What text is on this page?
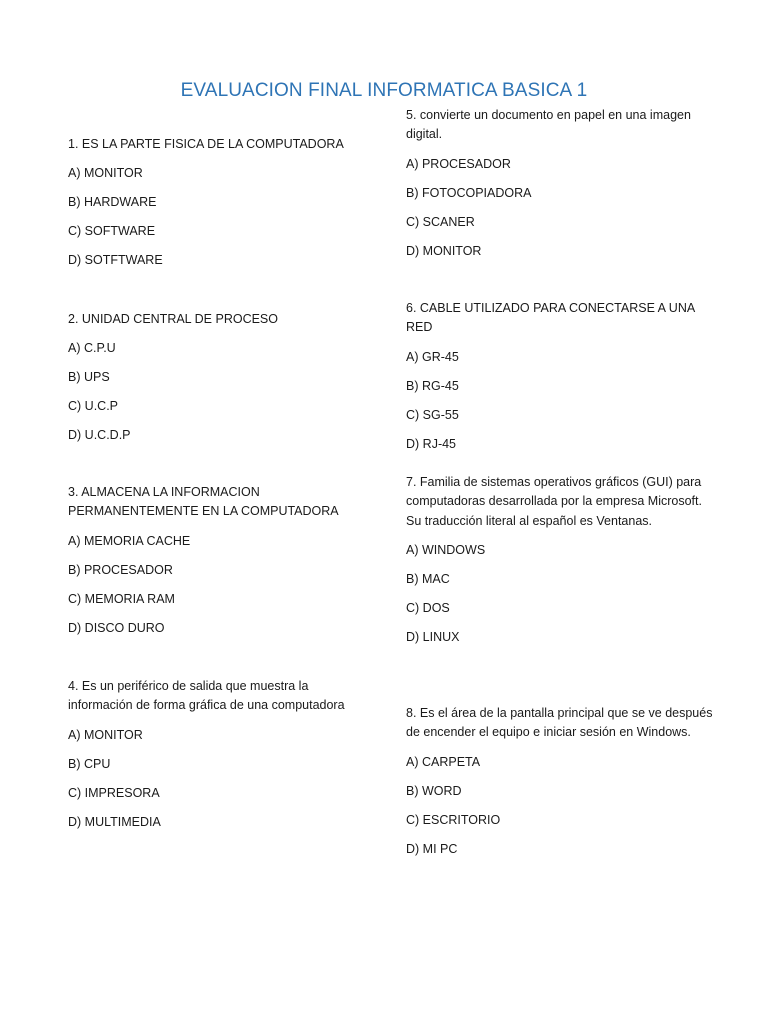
EVALUACION FINAL INFORMATICA BASICA 1
1. ES LA PARTE FISICA DE LA COMPUTADORA
A) MONITOR
B) HARDWARE
C) SOFTWARE
D) SOTFTWARE
2. UNIDAD CENTRAL DE PROCESO
A) C.P.U
B) UPS
C) U.C.P
D) U.C.D.P
3. ALMACENA LA INFORMACION PERMANENTEMENTE EN LA COMPUTADORA
A) MEMORIA CACHE
B) PROCESADOR
C) MEMORIA RAM
D) DISCO DURO
4. Es un periférico de salida que muestra la información de forma gráfica de una computadora
A) MONITOR
B) CPU
C) IMPRESORA
D) MULTIMEDIA
5. convierte un documento en papel en una imagen digital.
A) PROCESADOR
B) FOTOCOPIADORA
C) SCANER
D) MONITOR
6. CABLE UTILIZADO PARA CONECTARSE A UNA RED
A) GR-45
B) RG-45
C) SG-55
D) RJ-45
7. Familia de sistemas operativos gráficos (GUI) para computadoras desarrollada por la empresa Microsoft. Su traducción literal al español es Ventanas.
A) WINDOWS
B) MAC
C) DOS
D) LINUX
8. Es el área de la pantalla principal que se ve después de encender el equipo e iniciar sesión en Windows.
A) CARPETA
B) WORD
C) ESCRITORIO
D) MI PC
